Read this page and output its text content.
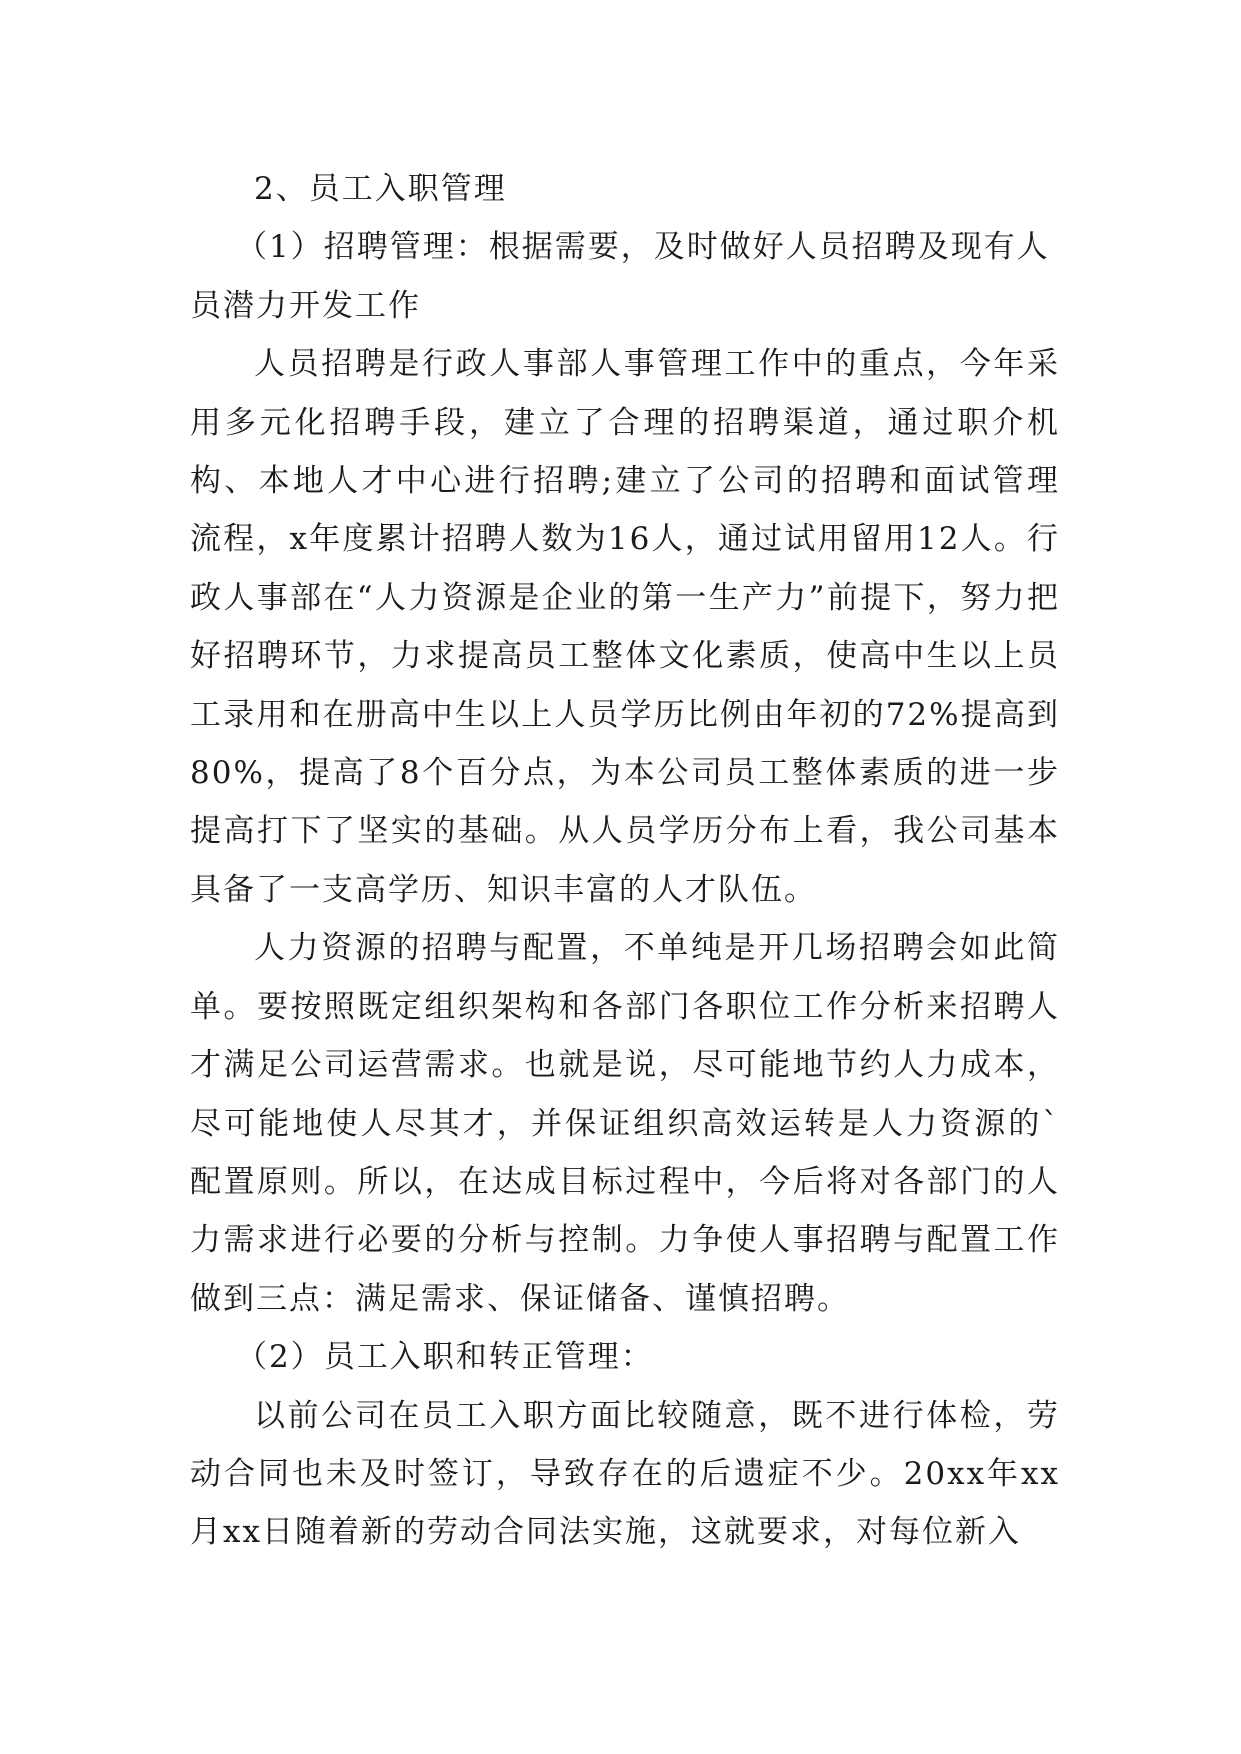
2、员工入职管理

（1）招聘管理：根据需要，及时做好人员招聘及现有人员潜力开发工作

人员招聘是行政人事部人事管理工作中的重点，今年采用多元化招聘手段，建立了合理的招聘渠道，通过职介机构、本地人才中心进行招聘;建立了公司的招聘和面试管理流程，x年度累计招聘人数为16人，通过试用留用12人。行政人事部在“人力资源是企业的第一生产力”前提下，努力把好招聘环节，力求提高员工整体文化素质，使高中生以上员工录用和在册高中生以上人员学历比例由年初的72%提高到80%，提高了8个百分点，为本公司员工整体素质的进一步提高打下了坚实的基础。从人员学历分布上看，我公司基本具备了一支高学历、知识丰富的人才队伍。

人力资源的招聘与配置，不单纯是开几场招聘会如此简单。要按照既定组织架构和各部门各职位工作分析来招聘人才满足公司运营需求。也就是说，尽可能地节约人力成本，尽可能地使人尽其才，并保证组织高效运转是人力资源的`配置原则。所以，在达成目标过程中，今后将对各部门的人力需求进行必要的分析与控制。力争使人事招聘与配置工作做到三点：满足需求、保证储备、谨慎招聘。

（2）员工入职和转正管理：

以前公司在员工入职方面比较随意，既不进行体检，劳动合同也未及时签订，导致存在的后遗症不少。20xx年xx月xx日随着新的劳动合同法实施，这就要求，对每位新入
